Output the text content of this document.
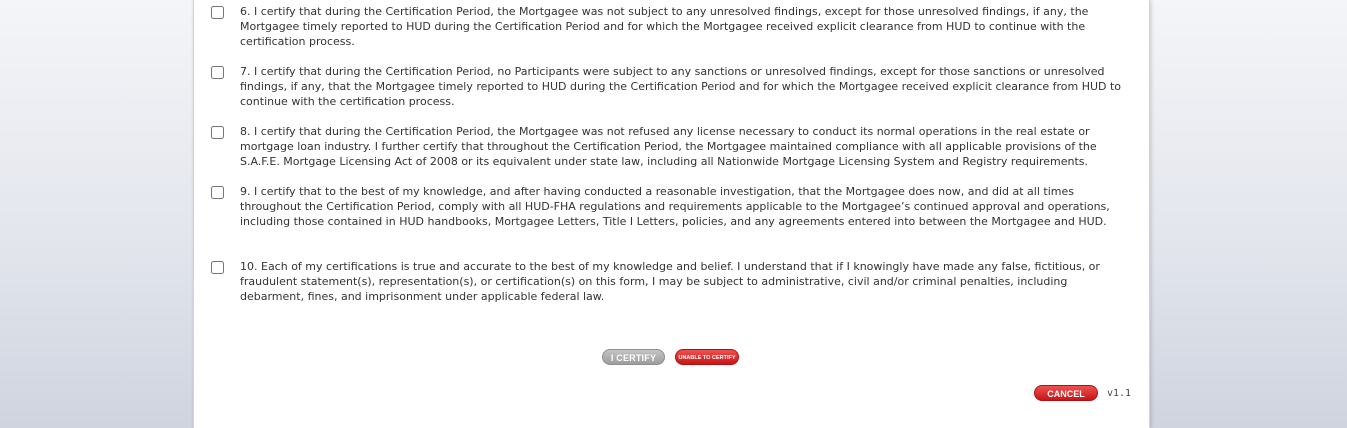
6. I certify that during the Certification Period, the Mortgagee was not subject to any unresolved findings, except for those unresolved findings, if any, the Mortgagee timely reported to HUD during the Certification Period and for which the Mortgagee received explicit clearance from HUD to continue with the certification process.
7. I certify that during the Certification Period, no Participants were subject to any sanctions or unresolved findings, except for those sanctions or unresolved findings, if any, that the Mortgagee timely reported to HUD during the Certification Period and for which the Mortgagee received explicit clearance from HUD to continue with the certification process.
8. I certify that during the Certification Period, the Mortgagee was not refused any license necessary to conduct its normal operations in the real estate or mortgage loan industry. I further certify that throughout the Certification Period, the Mortgagee maintained compliance with all applicable provisions of the S.A.F.E. Mortgage Licensing Act of 2008 or its equivalent under state law, including all Nationwide Mortgage Licensing System and Registry requirements.
9. I certify that to the best of my knowledge, and after having conducted a reasonable investigation, that the Mortgagee does now, and did at all times throughout the Certification Period, comply with all HUD-FHA regulations and requirements applicable to the Mortgagee’s continued approval and operations, including those contained in HUD handbooks, Mortgagee Letters, Title I Letters, policies, and any agreements entered into between the Mortgagee and HUD.
10. Each of my certifications is true and accurate to the best of my knowledge and belief. I understand that if I knowingly have made any false, fictitious, or fraudulent statement(s), representation(s), or certification(s) on this form, I may be subject to administrative, civil and/or criminal penalties, including debarment, fines, and imprisonment under applicable federal law.
I CERTIFY	UNABLE TO CERTIFY
CANCEL	v1.1
